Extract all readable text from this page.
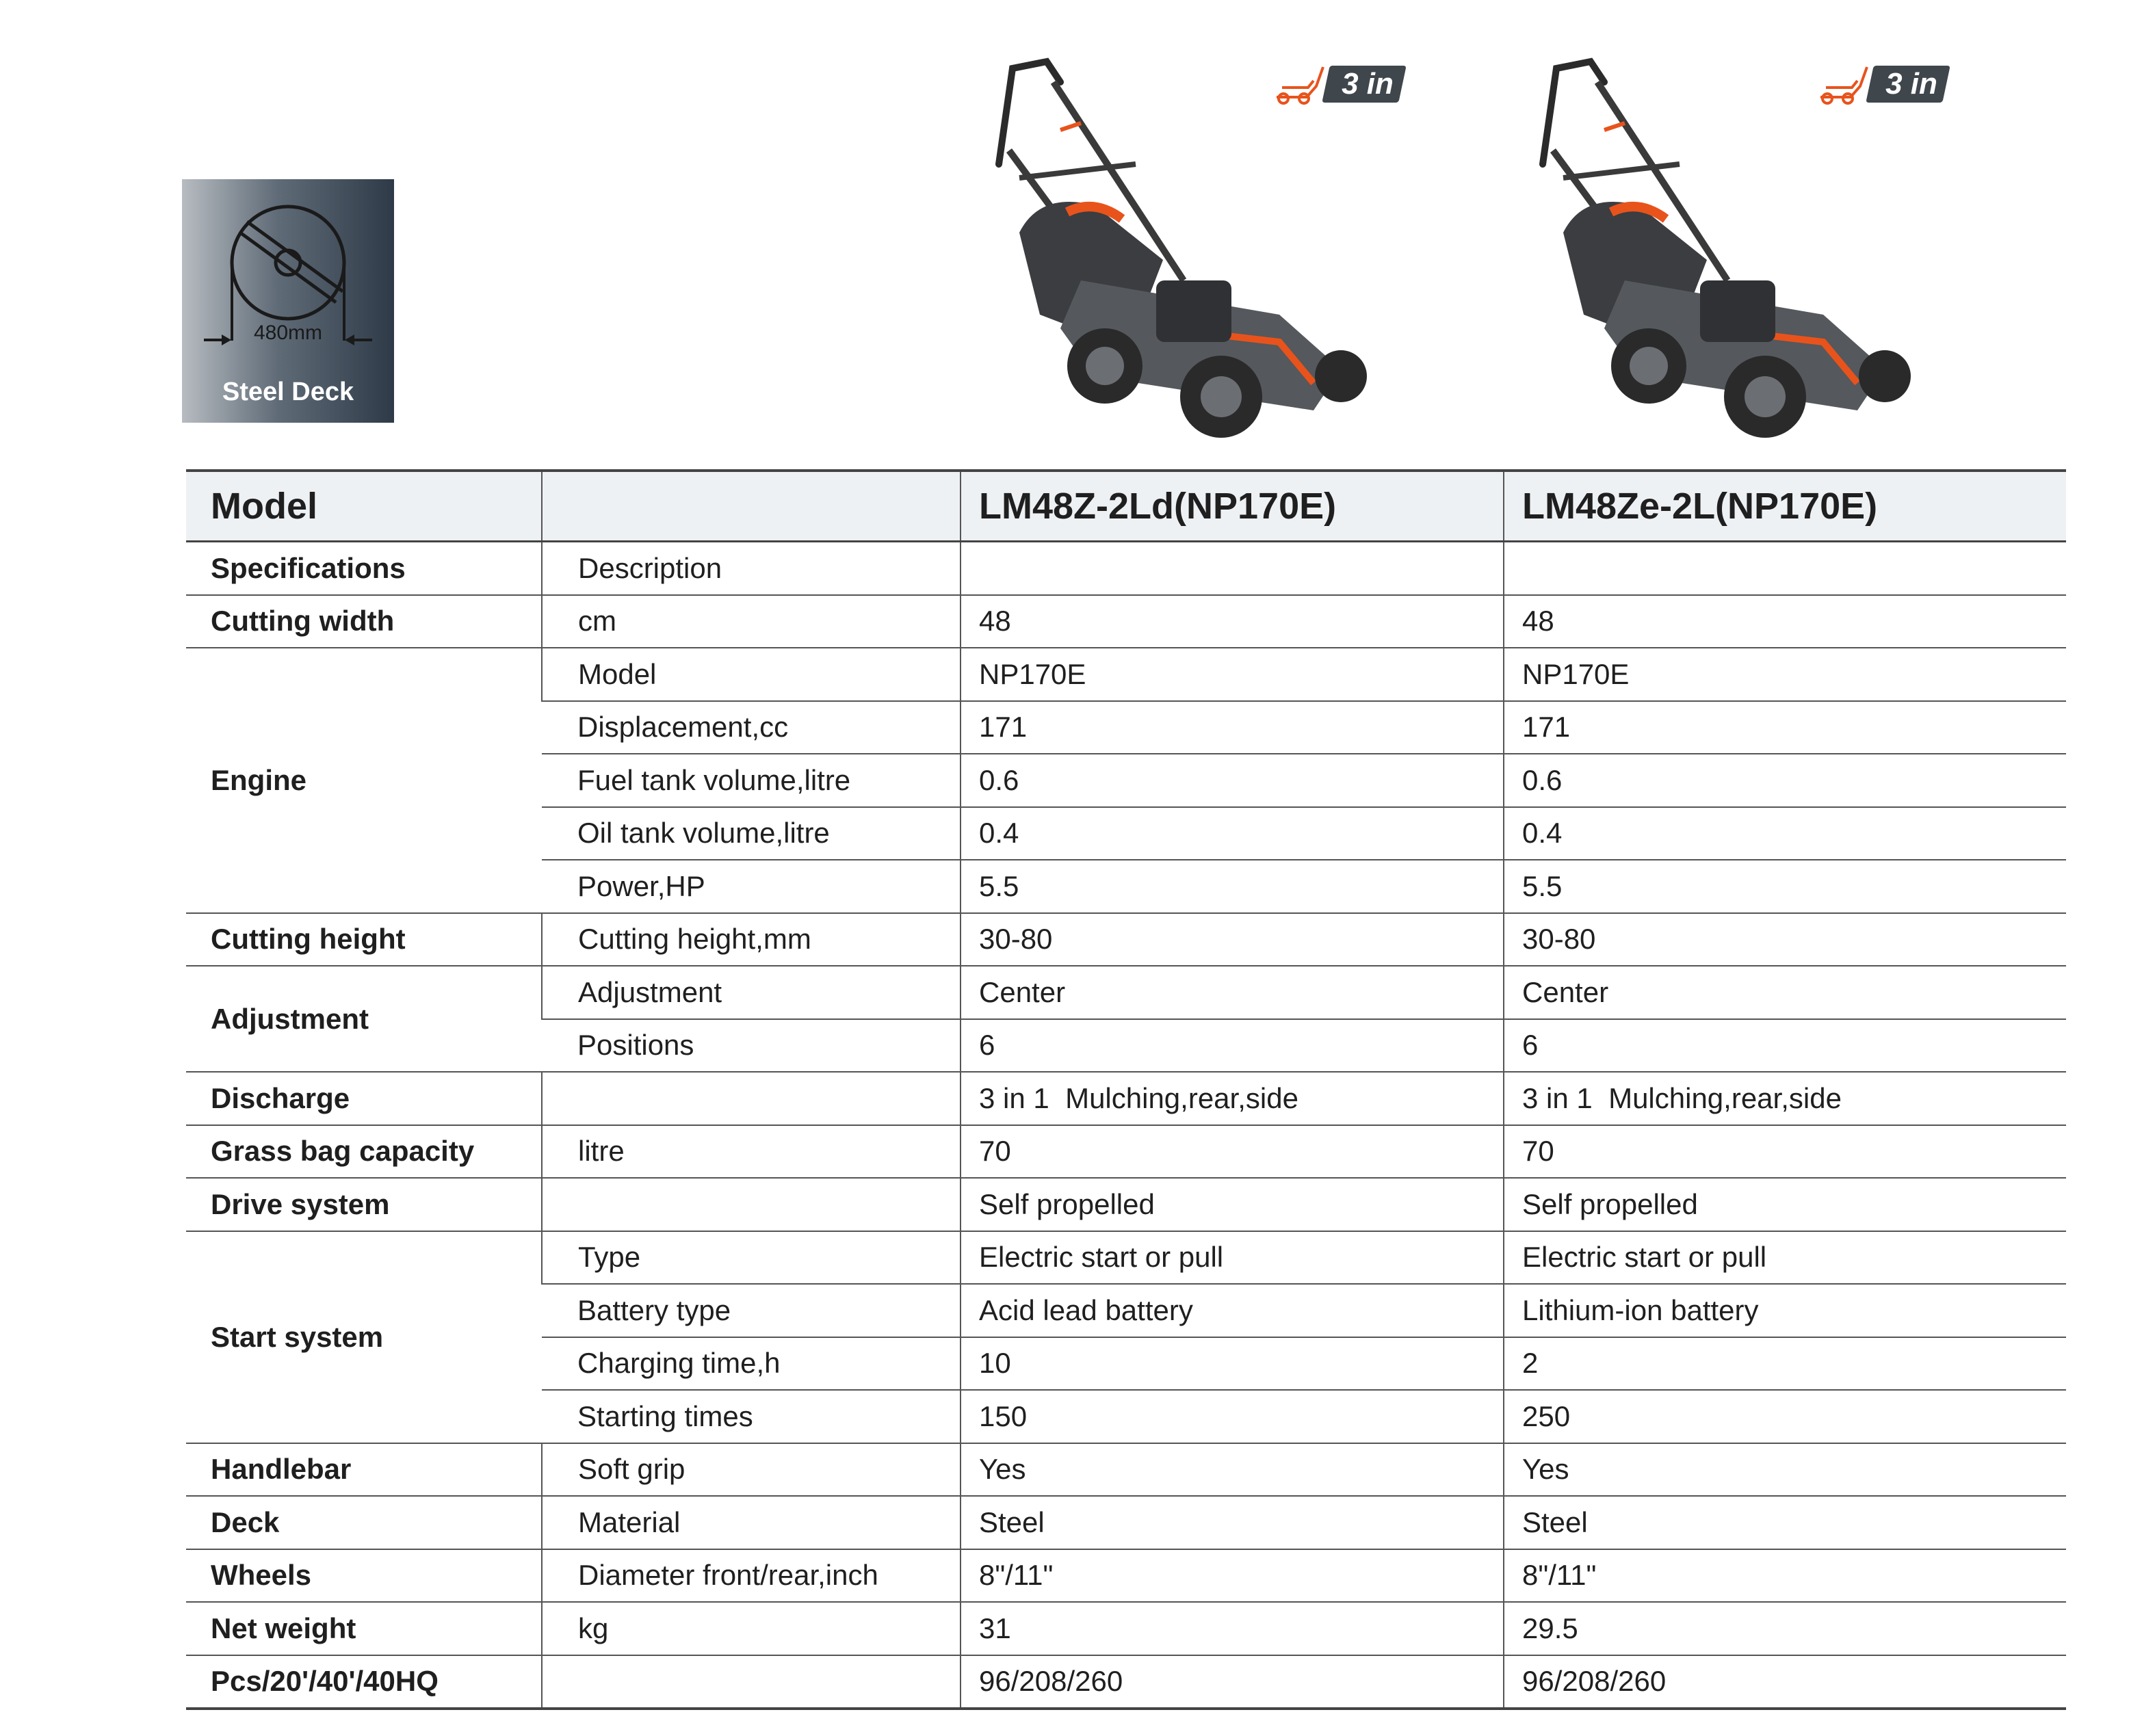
480mm
Steel Deck
3 in 1
3 in 1
Model		LM48Z-2Ld(NP170E)	LM48Ze-2L(NP170E)
Specifications	Description		
Cutting width	cm	48	48
Engine	Model	NP170E	NP170E
	Displacement,cc	171	171
	Fuel tank volume,litre	0.6	0.6
	Oil tank volume,litre	0.4	0.4
	Power,HP	5.5	5.5
Cutting height	Cutting height,mm	30-80	30-80
Adjustment	Adjustment	Center	Center
	Positions	6	6
Discharge		3 in 1  Mulching,rear,side	3 in 1  Mulching,rear,side
Grass bag capacity	litre	70	70
Drive system		Self propelled	Self propelled
Start system	Type	Electric start or pull	Electric start or pull
	Battery type	Acid lead battery	Lithium-ion battery
	Charging time,h	10	2
	Starting times	150	250
Handlebar	Soft grip	Yes	Yes
Deck	Material	Steel	Steel
Wheels	Diameter front/rear,inch	8"/11"	8"/11"
Net weight	kg	31	29.5
Pcs/20'/40'/40HQ		96/208/260	96/208/260
